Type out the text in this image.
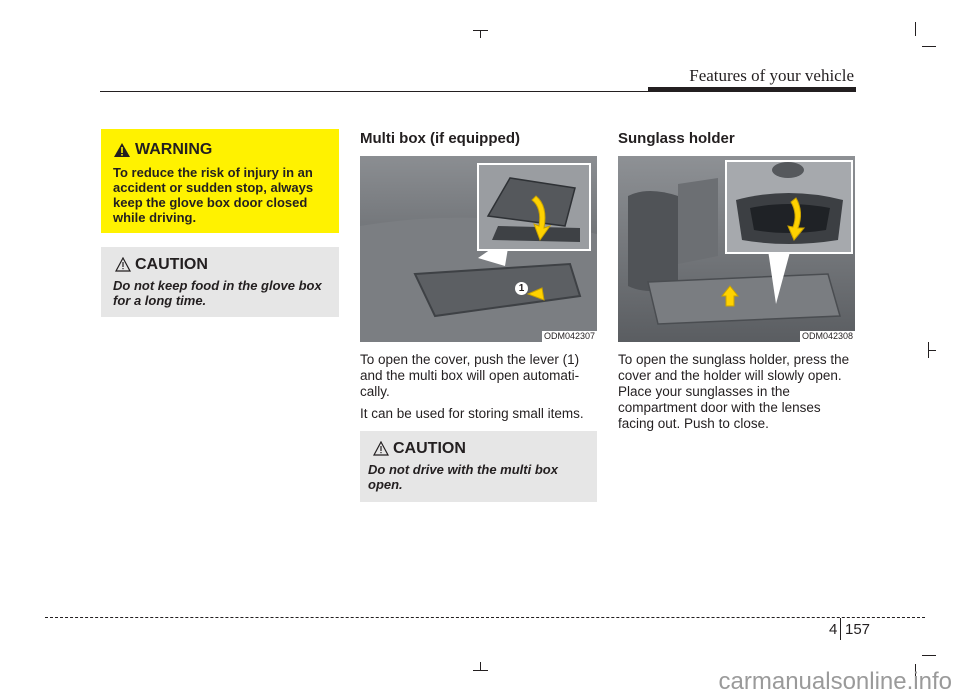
Features of your vehicle
WARNING
To reduce the risk of injury in an accident or sudden stop, always keep the glove box door closed while driving.
CAUTION
Do not keep food in the glove box for a long time.
Multi box (if equipped)
1
ODM042307

To open the cover, push the lever (1) and the multi box will open automati-cally.

It can be used for storing small items.

CAUTION
Do not drive with the multi box open.
Sunglass holder
ODM042308

To open the sunglass holder, press the cover and the holder will slowly open. Place your sunglasses in the compartment door with the lenses facing out. Push to close.

4 157
carmanualsonline.info
